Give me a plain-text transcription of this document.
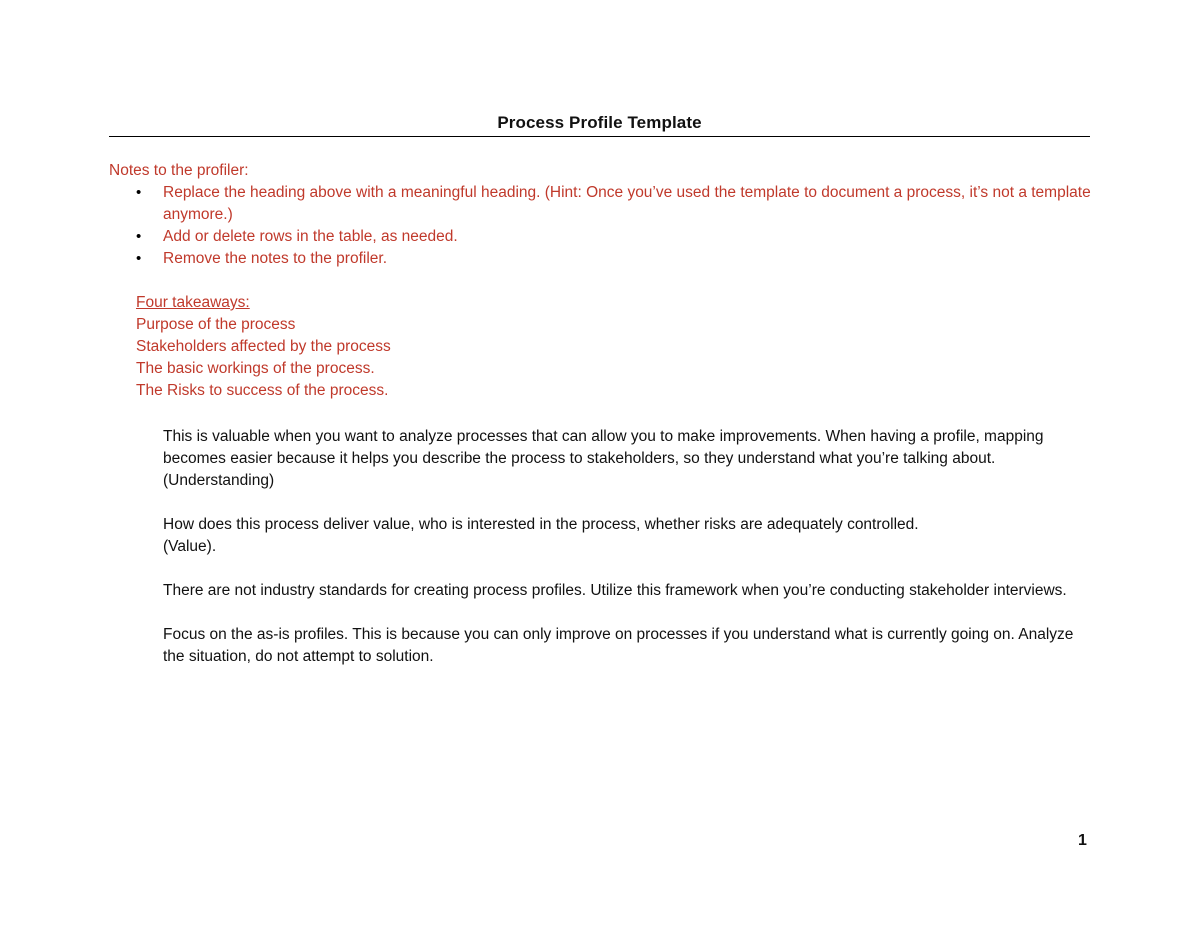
Process Profile Template

Notes to the profiler:

• Replace the heading above with a meaningful heading. (Hint: Once you’ve used the template to document a process, it’s not a template anymore.)
• Add or delete rows in the table, as needed.
• Remove the notes to the profiler.
Four takeaways:
Purpose of the process
Stakeholders affected by the process
The basic workings of the process.
The Risks to success of the process.

This is valuable when you want to analyze processes that can allow you to make improvements. When having a profile, mapping becomes easier because it helps you describe the process to stakeholders, so they understand what you’re talking about. (Understanding)

How does this process deliver value, who is interested in the process, whether risks are adequately controlled.
(Value).

There are not industry standards for creating process profiles. Utilize this framework when you’re conducting stakeholder interviews.

Focus on the as-is profiles. This is because you can only improve on processes if you understand what is currently going on. Analyze the situation, do not attempt to solution.

1
